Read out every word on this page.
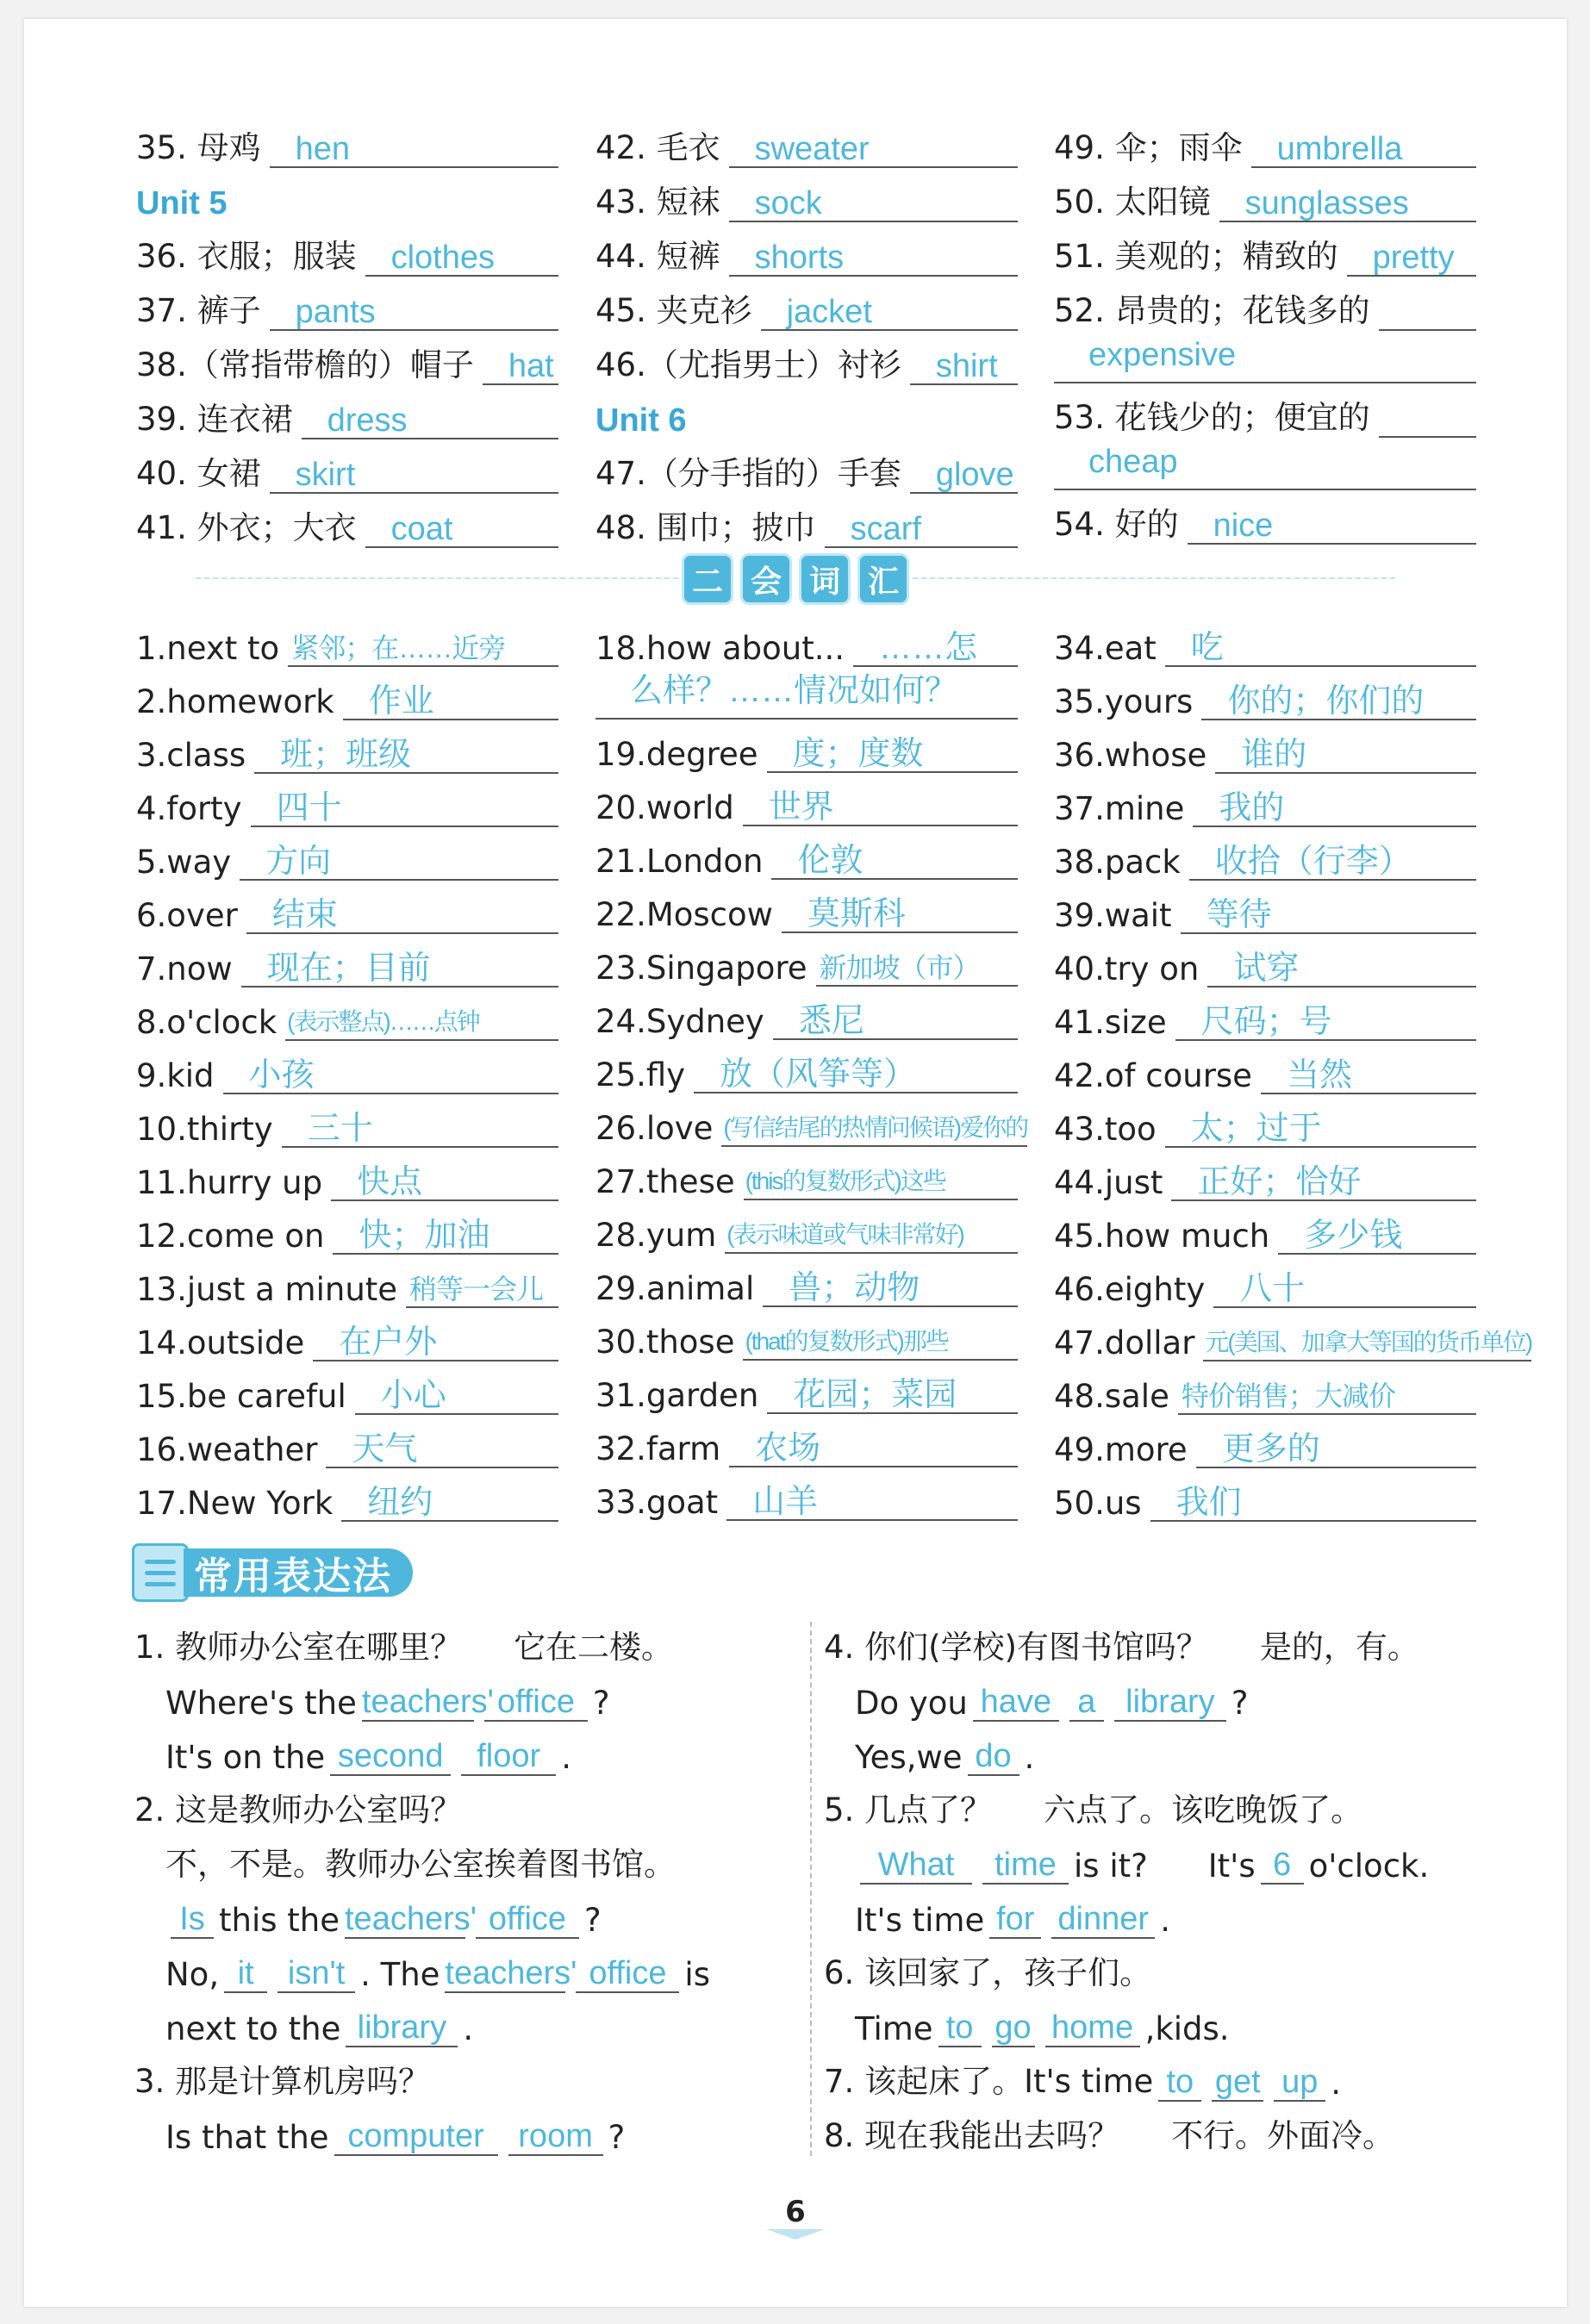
35. 母鸡	hen
Unit 5
36. 衣服；服装	clothes
37. 裤子	pants
38.（常指带檐的）帽子	hat
39. 连衣裙	dress
40. 女裙	skirt
41. 外衣；大衣	coat
42. 毛衣	sweater
43. 短袜	sock
44. 短裤	shorts
45. 夹克衫	jacket
46.（尤指男士）衬衫	shirt
Unit 6
47.（分手指的）手套	glove
48. 围巾；披巾	scarf
49. 伞；雨伞	umbrella
50. 太阳镜	sunglasses
51. 美观的；精致的	pretty
52. 昂贵的；花钱多的
expensive
53. 花钱少的；便宜的
cheap
54. 好的	nice
二 会 词 汇
1.next to 紧邻；在……近旁
2.homework	作业
3.class	班；班级
4.forty	四十
5.way	方向
6.over	结束
7.now	现在；目前
8.o'clock (表示整点)……点钟
9.kid	小孩
10.thirty	三十
11.hurry up	快点
12.come on	快；加油
13.just a minute 稍等一会儿
14.outside	在户外
15.be careful	小心
16.weather	天气
17.New York	纽约
18.how about...	……怎
么样？……情况如何？
19.degree	度；度数
20.world	世界
21.London	伦敦
22.Moscow	莫斯科
23.Singapore 新加坡（市）
24.Sydney	悉尼
25.fly	放（风筝等）
26.love (写信结尾的热情问候语)爱你的
27.these (this的复数形式)这些
28.yum (表示味道或气味非常好)
29.animal	兽；动物
30.those (that的复数形式)那些
31.garden	花园；菜园
32.farm	农场
33.goat	山羊
34.eat	吃
35.yours	你的；你们的
36.whose	谁的
37.mine	我的
38.pack	收拾（行李）
39.wait	等待
40.try on	试穿
41.size	尺码；号
42.of course	当然
43.too	太；过于
44.just	正好；恰好
45.how much	多少钱
46.eighty	八十
47.dollar 元(美国、加拿大等国的货币单位)
48.sale 特价销售；大减价
49.more	更多的
50.us	我们
常用表达法
1. 教师办公室在哪里？ 它在二楼。
Where's the teachers' office ?
It's on the second	floor .
2. 这是教师办公室吗？
不，不是。教师办公室挨着图书馆。
Is this the teachers' office ?
No, it	isn't . The teachers' office is
next to the library .
3. 那是计算机房吗？
Is that the computer	room ?
4. 你们(学校)有图书馆吗？ 是的，有。
Do you have a library ?
Yes,we do .
5. 几点了？ 六点了。该吃晚饭了。
What	time is it? It's 6 o'clock.
It's time for dinner .
6. 该回家了，孩子们。
Time to go home ,kids.
7. 该起床了。It's time to get up .
8. 现在我能出去吗？ 不行。外面冷。
6
